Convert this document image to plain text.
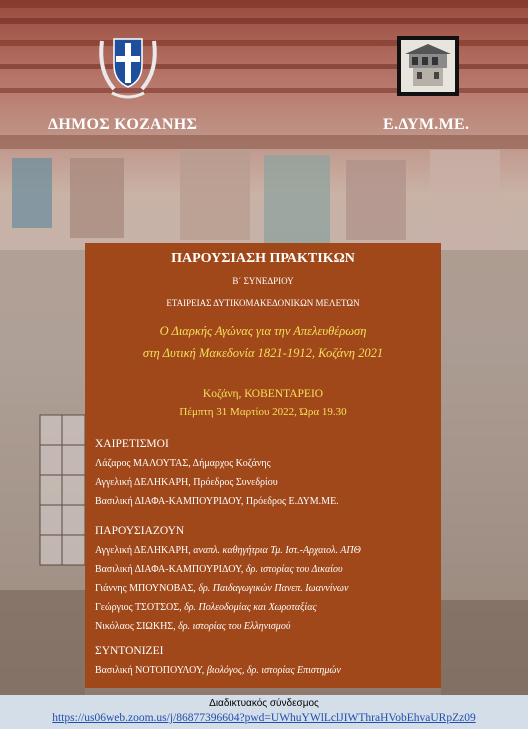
ΔΗΜΟΣ ΚΟΖΑΝΗΣ	Ε.ΔΥΜ.ΜΕ.
ΠΑΡΟΥΣΙΑΣΗ ΠΡΑΚΤΙΚΩΝ
Β΄ ΣΥΝΕΔΡΙΟΥ
ΕΤΑΙΡΕΙΑΣ ΔΥΤΙΚΟΜΑΚΕΔΟΝΙΚΩΝ ΜΕΛΕΤΩΝ
Ο Διαρκής Αγώνας για την Απελευθέρωση
στη Δυτική Μακεδονία 1821-1912, Κοζάνη 2021
Κοζάνη, ΚΟΒΕΝΤΑΡΕΙΟ
Πέμπτη 31 Μαρτίου 2022, Ώρα 19.30
ΧΑΙΡΕΤΙΣΜΟΙ
Λάζαρος ΜΑΛΟΥΤΑΣ, Δήμαρχος Κοζάνης
Αγγελική ΔΕΛΗΚΑΡΗ, Πρόεδρος Συνεδρίου
Βασιλική ΔΙΑΦΑ-ΚΑΜΠΟΥΡΙΔΟΥ, Πρόεδρος Ε.ΔΥΜ.ΜΕ.
ΠΑΡΟΥΣΙΑΖΟΥΝ
Αγγελική ΔΕΛΗΚΑΡΗ, αναπλ. καθηγήτρια Τμ. Ιστ.-Αρχαιολ. ΑΠΘ
Βασιλική ΔΙΑΦΑ-ΚΑΜΠΟΥΡΙΔΟΥ, δρ. ιστορίας του Δικαίου
Γιάννης ΜΠΟΥΝΟΒΑΣ, δρ. Παιδαγωγικών Πανεπ. Ιωαννίνων
Γεώργιος ΤΣΟΤΣΟΣ, δρ. Πολεοδομίας και Χωροταξίας
Νικόλαος ΣΙΩΚΗΣ, δρ. ιστορίας του Ελληνισμού
ΣΥΝΤΟΝΙΖΕΙ
Βασιλική ΝΟΤΟΠΟΥΛΟΥ, βιολόγος, δρ. ιστορίας Επιστημών
Διαδικτυακός σύνδεσμος
https://us06web.zoom.us/j/86877396604?pwd=UWhuYWlLclJIWThraHVobEhvaURpZz09
